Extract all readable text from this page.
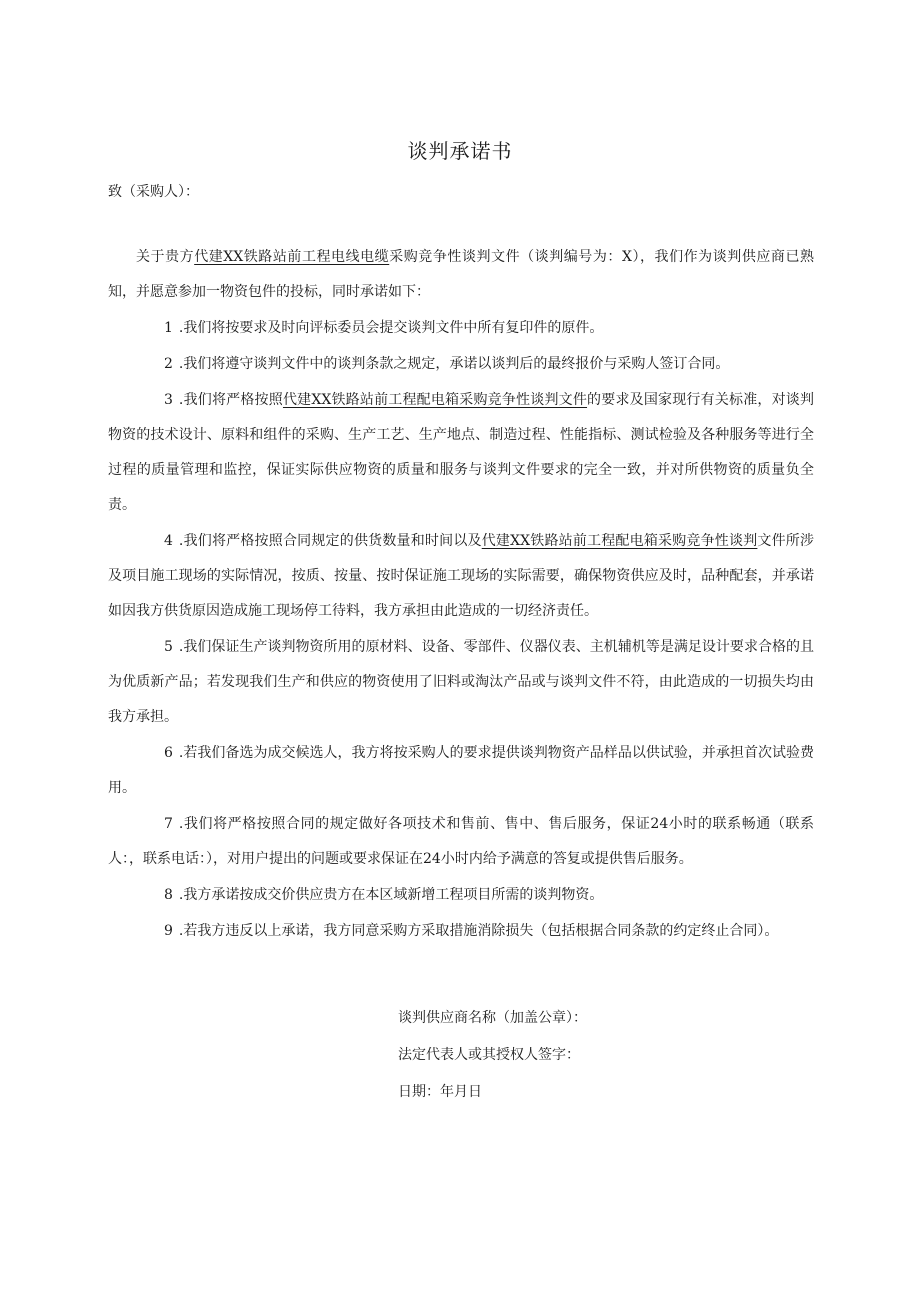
谈判承诺书
致（采购人）：

关于贵方代建XX铁路站前工程电线电缆采购竞争性谈判文件（谈判编号为：X），我们作为谈判供应商已熟知，并愿意参加一物资包件的投标，同时承诺如下：

1 .我们将按要求及时向评标委员会提交谈判文件中所有复印件的原件。

2 .我们将遵守谈判文件中的谈判条款之规定，承诺以谈判后的最终报价与采购人签订合同。

3 .我们将严格按照代建XX铁路站前工程配电箱采购竞争性谈判文件的要求及国家现行有关标准，对谈判物资的技术设计、原料和组件的采购、生产工艺、生产地点、制造过程、性能指标、测试检验及各种服务等进行全过程的质量管理和监控，保证实际供应物资的质量和服务与谈判文件要求的完全一致，并对所供物资的质量负全责。

4 .我们将严格按照合同规定的供货数量和时间以及代建XX铁路站前工程配电箱采购竞争性谈判文件所涉及项目施工现场的实际情况，按质、按量、按时保证施工现场的实际需要，确保物资供应及时，品种配套，并承诺如因我方供货原因造成施工现场停工待料，我方承担由此造成的一切经济责任。

5 .我们保证生产谈判物资所用的原材料、设备、零部件、仪器仪表、主机辅机等是满足设计要求合格的且为优质新产品；若发现我们生产和供应的物资使用了旧料或淘汰产品或与谈判文件不符，由此造成的一切损失均由我方承担。

6 .若我们备选为成交候选人，我方将按采购人的要求提供谈判物资产品样品以供试验，并承担首次试验费用。

7 .我们将严格按照合同的规定做好各项技术和售前、售中、售后服务，保证24小时的联系畅通（联系人：，联系电话：），对用户提出的问题或要求保证在24小时内给予满意的答复或提供售后服务。

8 .我方承诺按成交价供应贵方在本区域新增工程项目所需的谈判物资。

9 .若我方违反以上承诺，我方同意采购方采取措施消除损失（包括根据合同条款的约定终止合同）。

谈判供应商名称（加盖公章）：
法定代表人或其授权人签字：
日期：年月日
